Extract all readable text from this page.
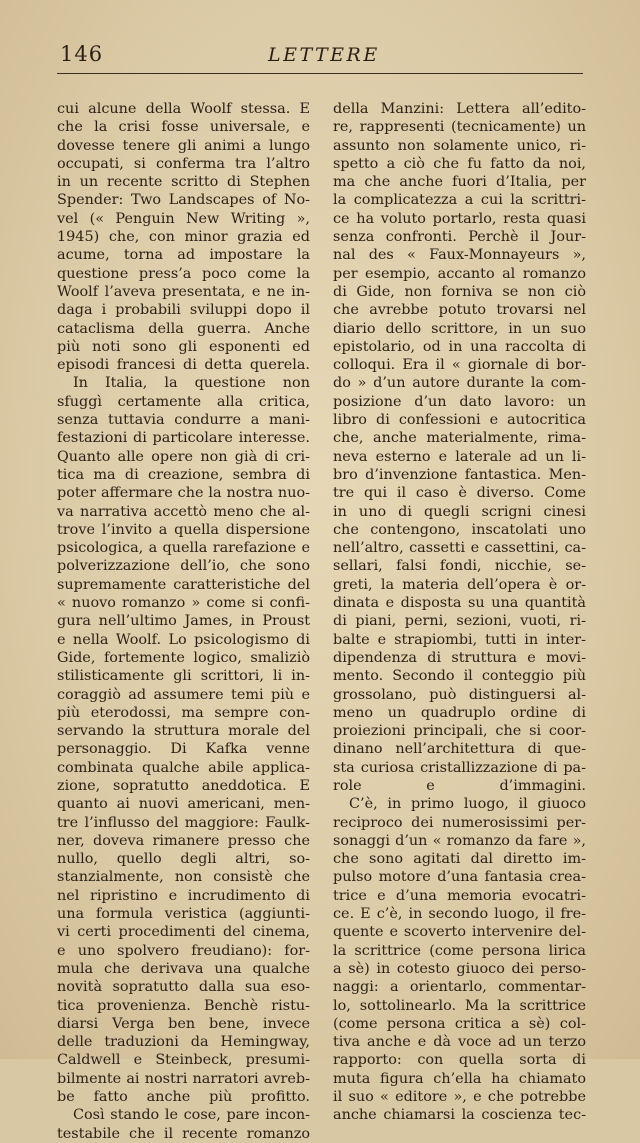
146	LETTERE
cui alcune della Woolf stessa. E
che la crisi fosse universale, e
dovesse tenere gli animi a lungo
occupati, si conferma tra l’altro
in un recente scritto di Stephen
Spender: Two Landscapes of No-
vel (« Penguin New Writing »,
1945) che, con minor grazia ed
acume, torna ad impostare la
questione press’a poco come la
Woolf l’aveva presentata, e ne in-
daga i probabili sviluppi dopo il
cataclisma della guerra. Anche
più noti sono gli esponenti ed
episodi francesi di detta querela.
In Italia, la questione non
sfuggì certamente alla critica,
senza tuttavia condurre a mani-
festazioni di particolare interesse.
Quanto alle opere non già di cri-
tica ma di creazione, sembra di
poter affermare che la nostra nuo-
va narrativa accettò meno che al-
trove l’invito a quella dispersione
psicologica, a quella rarefazione e
polverizzazione dell’io, che sono
supremamente caratteristiche del
« nuovo romanzo » come si confi-
gura nell’ultimo James, in Proust
e nella Woolf. Lo psicologismo di
Gide, fortemente logico, smaliziò
stilisticamente gli scrittori, li in-
coraggiò ad assumere temi più e
più eterodossi, ma sempre con-
servando la struttura morale del
personaggio. Di Kafka venne
combinata qualche abile applica-
zione, sopratutto aneddotica. E
quanto ai nuovi americani, men-
tre l’influsso del maggiore: Faulk-
ner, doveva rimanere presso che
nullo, quello degli altri, so-
stanzialmente, non consistè che
nel ripristino e incrudimento di
una formula veristica (aggiunti-
vi certi procedimenti del cinema,
e uno spolvero freudiano): for-
mula che derivava una qualche
novità sopratutto dalla sua eso-
tica provenienza. Benchè ristu-
diarsi Verga ben bene, invece
delle traduzioni da Hemingway,
Caldwell e Steinbeck, presumi-
bilmente ai nostri narratori avreb-
be fatto anche più profitto.
Così stando le cose, pare incon-
testabile che il recente romanzo
della Manzini: Lettera all’edito-
re, rappresenti (tecnicamente) un
assunto non solamente unico, ri-
spetto a ciò che fu fatto da noi,
ma che anche fuori d’Italia, per
la complicatezza a cui la scrittri-
ce ha voluto portarlo, resta quasi
senza confronti. Perchè il Jour-
nal des « Faux-Monnayeurs »,
per esempio, accanto al romanzo
di Gide, non forniva se non ciò
che avrebbe potuto trovarsi nel
diario dello scrittore, in un suo
epistolario, od in una raccolta di
colloqui. Era il « giornale di bor-
do » d’un autore durante la com-
posizione d’un dato lavoro: un
libro di confessioni e autocritica
che, anche materialmente, rima-
neva esterno e laterale ad un li-
bro d’invenzione fantastica. Men-
tre qui il caso è diverso. Come
in uno di quegli scrigni cinesi
che contengono, inscatolati uno
nell’altro, cassetti e cassettini, ca-
sellari, falsi fondi, nicchie, se-
greti, la materia dell’opera è or-
dinata e disposta su una quantità
di piani, perni, sezioni, vuoti, ri-
balte e strapiombi, tutti in inter-
dipendenza di struttura e movi-
mento. Secondo il conteggio più
grossolano, può distinguersi al-
meno un quadruplo ordine di
proiezioni principali, che si coor-
dinano nell’architettura di que-
sta curiosa cristallizzazione di pa-
role e d’immagini.
C’è, in primo luogo, il giuoco
reciproco dei numerosissimi per-
sonaggi d’un « romanzo da fare »,
che sono agitati dal diretto im-
pulso motore d’una fantasia crea-
trice e d’una memoria evocatri-
ce. E c’è, in secondo luogo, il fre-
quente e scoverto intervenire del-
la scrittrice (come persona lirica
a sè) in cotesto giuoco dei perso-
naggi: a orientarlo, commentar-
lo, sottolinearlo. Ma la scrittrice
(come persona critica a sè) col-
tiva anche e dà voce ad un terzo
rapporto: con quella sorta di
muta figura ch’ella ha chiamato
il suo « editore », e che potrebbe
anche chiamarsi la coscienza tec-
